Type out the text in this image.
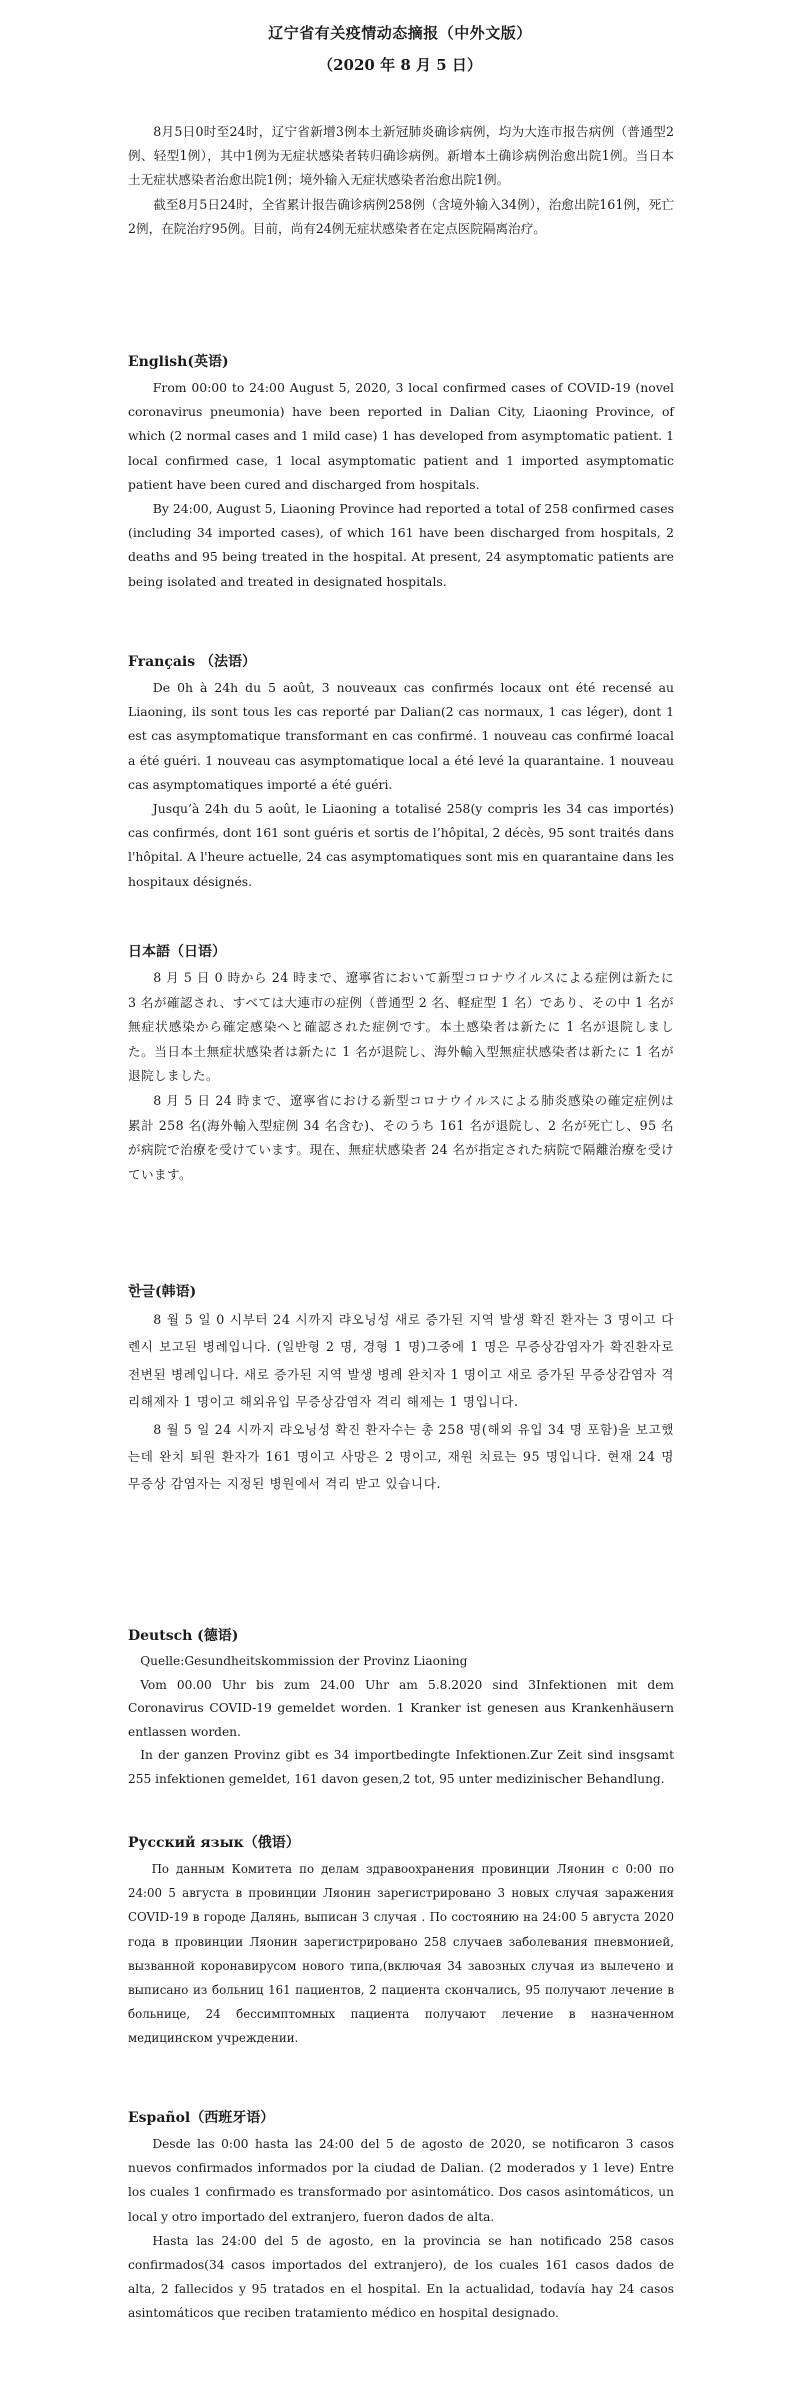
辽宁省有关疫情动态摘报（中外文版）
（2020 年 8 月 5 日）

8月5日0时至24时，辽宁省新增3例本土新冠肺炎确诊病例，均为大连市报告病例（普通型2例、轻型1例），其中1例为无症状感染者转归确诊病例。新增本土确诊病例治愈出院1例。当日本土无症状感染者治愈出院1例；境外输入无症状感染者治愈出院1例。

截至8月5日24时，全省累计报告确诊病例258例（含境外输入34例），治愈出院161例，死亡2例，在院治疗95例。目前，尚有24例无症状感染者在定点医院隔离治疗。

English(英语)

From 00:00 to 24:00 August 5, 2020, 3 local confirmed cases of COVID-19 (novel coronavirus pneumonia) have been reported in Dalian City, Liaoning Province, of which (2 normal cases and 1 mild case) 1 has developed from asymptomatic patient. 1 local confirmed case, 1 local asymptomatic patient and 1 imported asymptomatic patient have been cured and discharged from hospitals.

By 24:00, August 5, Liaoning Province had reported a total of 258 confirmed cases (including 34 imported cases), of which 161 have been discharged from hospitals, 2 deaths and 95 being treated in the hospital. At present, 24 asymptomatic patients are being isolated and treated in designated hospitals.

Français （法语）

De 0h à 24h du 5 août, 3 nouveaux cas confirmés locaux ont été recensé au Liaoning, ils sont tous les cas reporté par Dalian(2 cas normaux, 1 cas léger), dont 1 est cas asymptomatique transformant en cas confirmé. 1 nouveau cas confirmé loacal a été guéri. 1 nouveau cas asymptomatique local a été levé la quarantaine. 1 nouveau cas asymptomatiques importé a été guéri.

Jusqu’à 24h du 5 août, le Liaoning a totalisé 258(y compris les 34 cas importés) cas confirmés, dont 161 sont guéris et sortis de l’hôpital, 2 décès, 95 sont traités dans l'hôpital. A l'heure actuelle, 24 cas asymptomatiques sont mis en quarantaine dans les hospitaux désignés.

日本語（日语）

8 月 5 日 0 時から 24 時まで、遼寧省において新型コロナウイルスによる症例は新たに 3 名が確認され、すべては大連市の症例（普通型 2 名、軽症型 1 名）であり、その中 1 名が無症状感染から確定感染へと確認された症例です。本土感染者は新たに 1 名が退院しました。当日本土無症状感染者は新たに 1 名が退院し、海外輸入型無症状感染者は新たに 1 名が退院しました。

8 月 5 日 24 時まで、遼寧省における新型コロナウイルスによる肺炎感染の確定症例は累計 258 名(海外輸入型症例 34 名含む)、そのうち 161 名が退院し、2 名が死亡し、95 名が病院で治療を受けています。現在、無症状感染者 24 名が指定された病院で隔離治療を受けています。

한글(韩语)

8 월 5 일 0 시부터 24 시까지 랴오닝성 새로 증가된 지역 발생 확진 환자는 3 명이고 다롄시 보고된 병례입니다. (일반형 2 명, 경형 1 명)그중에 1 명은 무증상감염자가 확진환자로 전변된 병례입니다. 새로 증가된 지역 발생 병례 완치자 1 명이고 새로 증가된 무증상감염자 격리해제자 1 명이고 해외유입 무증상감염자 격리 해제는 1 명입니다.

8 월 5 일 24 시까지 랴오닝성 확진 환자수는 총 258 명(해외 유입 34 명 포함)을 보고했는데 완치 퇴원 환자가 161 명이고 사망은 2 명이고, 재원 치료는 95 명입니다. 현재 24 명 무증상 감염자는 지정된 병원에서 격리 받고 있습니다.

Deutsch (德语)

Quelle:Gesundheitskommission der Provinz Liaoning

Vom 00.00 Uhr bis zum 24.00 Uhr am 5.8.2020 sind 3Infektionen mit dem Coronavirus COVID-19 gemeldet worden. 1 Kranker ist genesen aus Krankenhäusern entlassen worden.

In der ganzen Provinz gibt es 34 importbedingte Infektionen.Zur Zeit sind insgsamt 255 infektionen gemeldet, 161 davon gesen,2 tot, 95 unter medizinischer Behandlung.

Русский язык（俄语）

По данным Комитета по делам здравоохранения провинции Ляонин с 0:00 по 24:00 5 августа в провинции Ляонин зарегистрировано 3 новых случая заражения COVID-19 в городе Далянь, выписан 3 случая . По состоянию на 24:00 5 августа 2020 года в провинции Ляонин зарегистрировано 258 случаев заболевания пневмонией, вызванной коронавирусом нового типа,(включая 34 завозных случая из вылечено и выписано из больниц 161 пациентов, 2 пациента скончались, 95 получают лечение в больнице, 24 бессимптомных пациента получают лечение в назначенном медицинском учреждении.

Español（西班牙语）

Desde las 0:00 hasta las 24:00 del 5 de agosto de 2020, se notificaron 3 casos nuevos confirmados informados por la ciudad de Dalian. (2 moderados y 1 leve) Entre los cuales 1 confirmado es transformado por asintomático. Dos casos asintomáticos, un local y otro importado del extranjero, fueron dados de alta.

Hasta las 24:00 del 5 de agosto, en la provincia se han notificado 258 casos confirmados(34 casos importados del extranjero), de los cuales 161 casos dados de alta, 2 fallecidos y 95 tratados en el hospital. En la actualidad, todavía hay 24 casos asintomáticos que reciben tratamiento médico en hospital designado.
